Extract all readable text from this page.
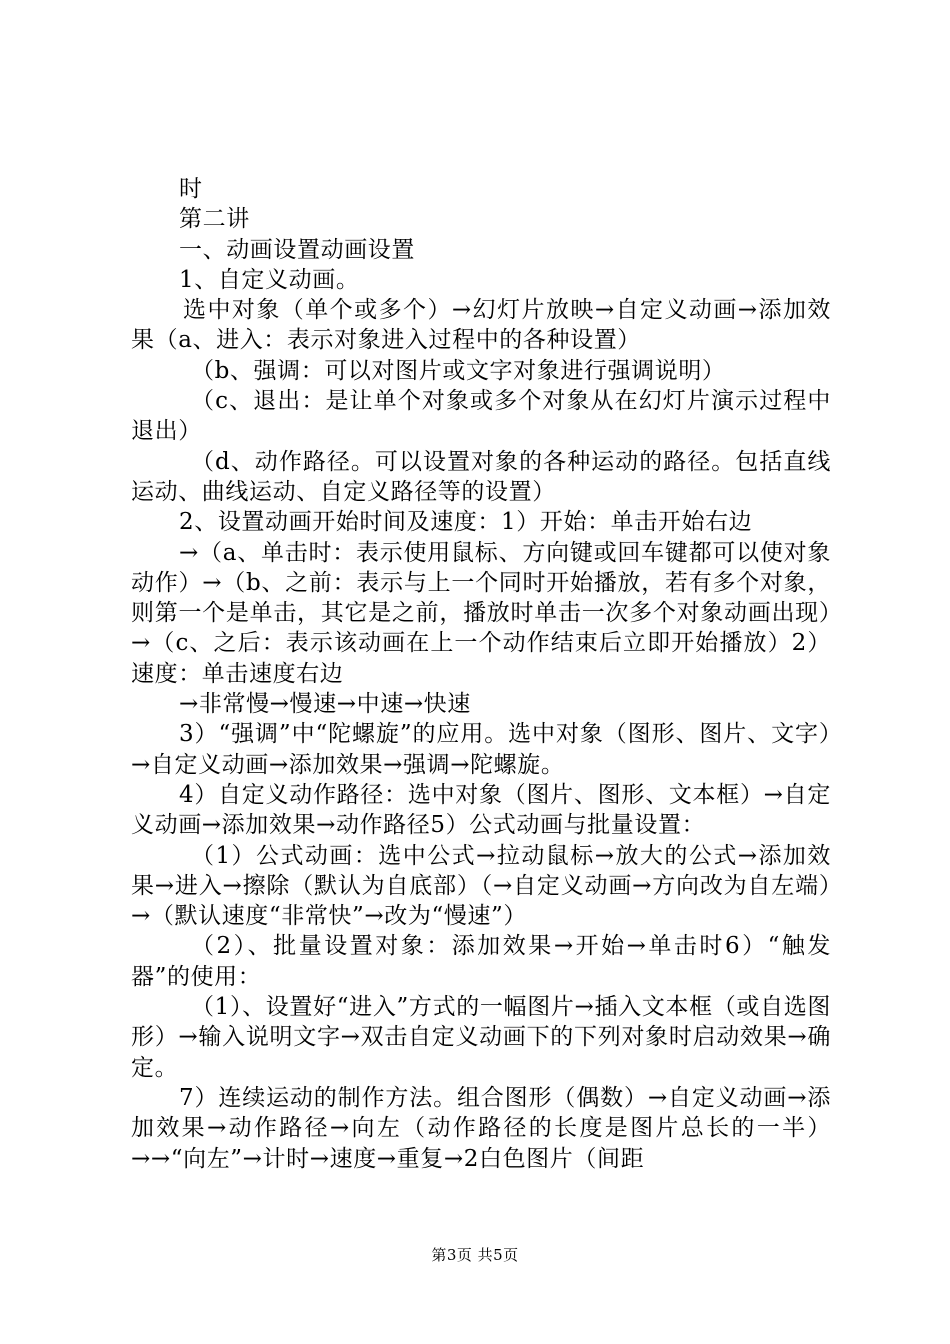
时

第二讲

一、动画设置动画设置

1、自定义动画。

选中对象（单个或多个）→幻灯片放映→自定义动画→添加效果（a、进入：表示对象进入过程中的各种设置）

（b、强调：可以对图片或文字对象进行强调说明）

（c、退出：是让单个对象或多个对象从在幻灯片演示过程中退出）

（d、动作路径。可以设置对象的各种运动的路径。包括直线运动、曲线运动、自定义路径等的设置）

2、设置动画开始时间及速度：1）开始：单击开始右边

→（a、单击时：表示使用鼠标、方向键或回车键都可以使对象动作）→（b、之前：表示与上一个同时开始播放，若有多个对象，则第一个是单击，其它是之前，播放时单击一次多个对象动画出现）→（c、之后：表示该动画在上一个动作结束后立即开始播放）2）速度：单击速度右边

→非常慢→慢速→中速→快速

3）“强调”中“陀螺旋”的应用。选中对象（图形、图片、文字）→自定义动画→添加效果→强调→陀螺旋。

4）自定义动作路径：选中对象（图片、图形、文本框）→自定义动画→添加效果→动作路径5）公式动画与批量设置：

（1）公式动画：选中公式→拉动鼠标→放大的公式→添加效果→进入→擦除（默认为自底部）（→自定义动画→方向改为自左端）→（默认速度“非常快”→改为“慢速”）

（2）、批量设置对象：添加效果→开始→单击时6）“触发器”的使用：

（1）、设置好“进入”方式的一幅图片→插入文本框（或自选图形）→输入说明文字→双击自定义动画下的下列对象时启动效果→确定。

7）连续运动的制作方法。组合图形（偶数）→自定义动画→添加效果→动作路径→向左（动作路径的长度是图片总长的一半）→→“向左”→计时→速度→重复→2白色图片（间距

第3页 共5页
